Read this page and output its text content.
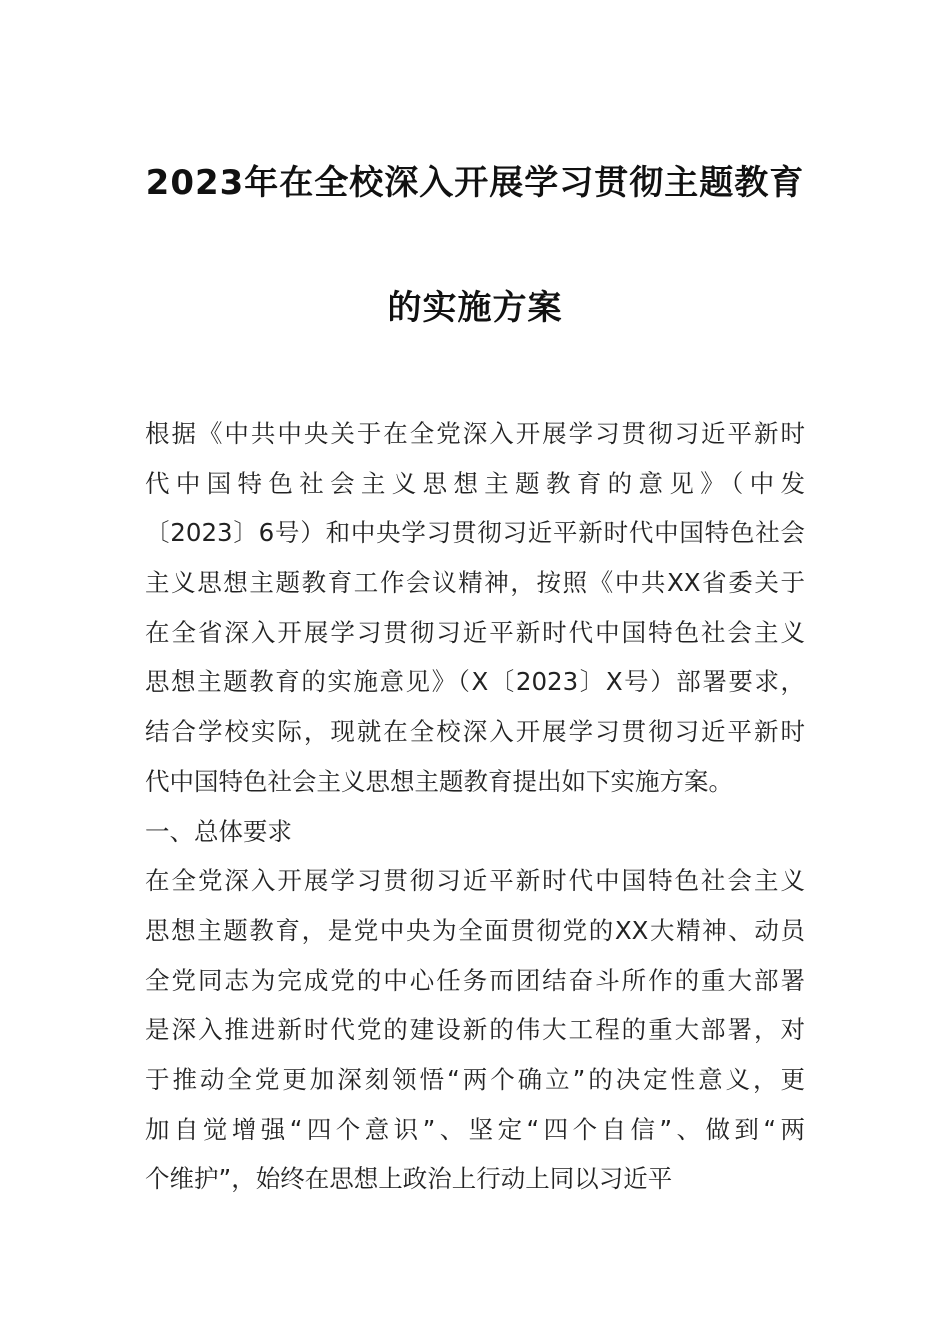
2023年在全校深入开展学习贯彻主题教育
的实施方案
根据《中共中央关于在全党深入开展学习贯彻习近平新时
代中国特色社会主义思想主题教育的意见》（中发
〔2023〕6号）和中央学习贯彻习近平新时代中国特色社会
主义思想主题教育工作会议精神，按照《中共XX省委关于
在全省深入开展学习贯彻习近平新时代中国特色社会主义
思想主题教育的实施意见》（X〔2023〕X号）部署要求，
结合学校实际，现就在全校深入开展学习贯彻习近平新时
代中国特色社会主义思想主题教育提出如下实施方案。
一、总体要求
在全党深入开展学习贯彻习近平新时代中国特色社会主义
思想主题教育，是党中央为全面贯彻党的XX大精神、动员
全党同志为完成党的中心任务而团结奋斗所作的重大部署
是深入推进新时代党的建设新的伟大工程的重大部署，对
于推动全党更加深刻领悟“两个确立”的决定性意义，更
加自觉增强“四个意识”、坚定“四个自信”、做到“两
个维护”，始终在思想上政治上行动上同以习近平
